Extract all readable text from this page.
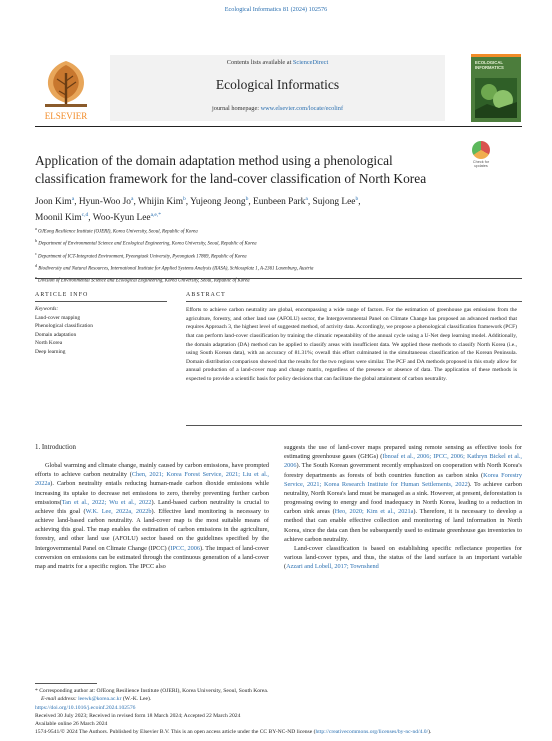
Ecological Informatics 81 (2024) 102576
ELSEVIER
Contents lists available at ScienceDirect
Ecological Informatics
journal homepage: www.elsevier.com/locate/ecolinf
ECOLOGICAL INFORMATICS
Application of the domain adaptation method using a phenological classification framework for the land-cover classification of North Korea
Check for updates
Joon Kim$^a$, Hyun-Woo Jo$^a$, Whijin Kim$^b$, Yujeong Jeong$^b$, Eunbeen Park$^a$, Sujong Lee$^b$,
Moonil Kim$^{c,d}$, Woo-Kyun Lee$^{a,e,*}$
$^a$ OJEong Resilience Institute (OJERI), Korea University, Seoul, Republic of Korea
$^b$ Department of Environmental Science and Ecological Engineering, Korea University, Seoul, Republic of Korea
$^c$ Department of ICT-Integrated Environment, Pyeongtaek University, Pyeongtaek 17869, Republic of Korea
$^d$ Biodiversity and Natural Resources, International Institute for Applied Systems Analysis (IIASA), Schlossplatz 1, A-2361 Laxenburg, Austria
Division of Environmental Science and Ecological Engineering, Korea University, Seoul, Republic of Korea
ARTICLE INFO
Keywords:
Land-cover mapping
Phenological classification
Domain adaptation
North Korea
Deep learning
ABSTRACT
Efforts to achieve carbon neutrality are global, encompassing a wide range of factors. For the estimation of greenhouse gas emissions from the agriculture, forestry, and other land use (AFOLU) sector, the Intergovernmental Panel on Climate Change has proposed an advanced method that requires Approach 3, the highest level of suggested method, of activity data. Accordingly, we propose a phenological classification framework (PCF) that can perform land-cover classification by training the climatic repeatability of the annual cycle using a U-Net deep learning model. Additionally, the domain adaptation (DA) method can be applied to classify areas with insufficient data. We applied these methods to classify North Korea (i.e., using South Korean data), with an accuracy of 81.31%; overall this effort culminated in the simultaneous classification of the Korean Peninsula. Domain distribution comparison showed that the results for the two regions were similar. The PCF and DA methods proposed in this study allow for annual production of a land-cover map and change matrix, regardless of the presence or absence of data. The application of these methods is expected to provide a scientific basis for policy decisions that can facilitate the global attainment of carbon neutrality.
1. Introduction

Global warming and climate change, mainly caused by carbon emissions, have prompted efforts to achieve carbon neutrality (Chen, 2021; Korea Forest Service, 2021; Liu et al., 2022a). Carbon neutrality entails reducing human-made carbon dioxide emissions while increasing its uptake to decrease net emissions to zero, thereby preventing further carbon emissions(Tan et al., 2022; Wu et al., 2022). Land-based carbon neutrality is crucial to achieve this goal (W.K. Lee, 2022a, 2022b). Effective land monitoring is necessary to achieve land-based carbon neutrality. A land-cover map is the most suitable means of achieving this goal. The map enables the estimation of carbon emissions in the agriculture, forestry, and other land use (AFOLU) sector based on the guidelines specified by the Intergovernmental Panel on Climate Change (IPCC) (IPCC, 2006). The impact of land-cover conversion on emissions can be estimated through the continuous generation of a land-cover map and matrix for a specific region. The IPCC also

suggests the use of land-cover maps prepared using remote sensing as effective tools for estimating greenhouse gases (GHGs) (Ibnoaf et al., 2006; IPCC, 2006; Kathryn Bickel et al., 2006). The South Korean government recently emphasized on cooperation with North Korea's forestry departments as forests of both countries function as carbon sinks (Korea Forestry Service, 2021; Korea Research Institute for Human Settlements, 2022). To achieve carbon neutrality, North Korea's land must be managed as a sink. However, at present, deforestation is progressing owing to energy and food inadequacy in North Korea, leading to a reduction in carbon sink areas (Heo, 2020; Kim et al., 2021a). Therefore, it is necessary to develop a method that can enable effective collection and monitoring of land information in North Korea, since the data can then be subsequently used to estimate greenhouse gas inventories to achieve carbon neutrality.

Land-cover classification is based on establishing specific reflectance properties for various land-cover types, and thus, the status of the land surface is an important variable (Azzari and Lobell, 2017; Townshend

* Corresponding author at: OJEong Resilience Institute (OJERI), Korea University, Seoul, South Korea.
E-mail address: leewk@korea.ac.kr (W.-K. Lee).
https://doi.org/10.1016/j.ecoinf.2024.102576
Received 30 July 2023; Received in revised form 18 March 2024; Accepted 22 March 2024
Available online 26 March 2024
1574-9541/© 2024 The Authors. Published by Elsevier B.V. This is an open access article under the CC BY-NC-ND license (http://creativecommons.org/licenses/by-nc-nd/4.0/).
